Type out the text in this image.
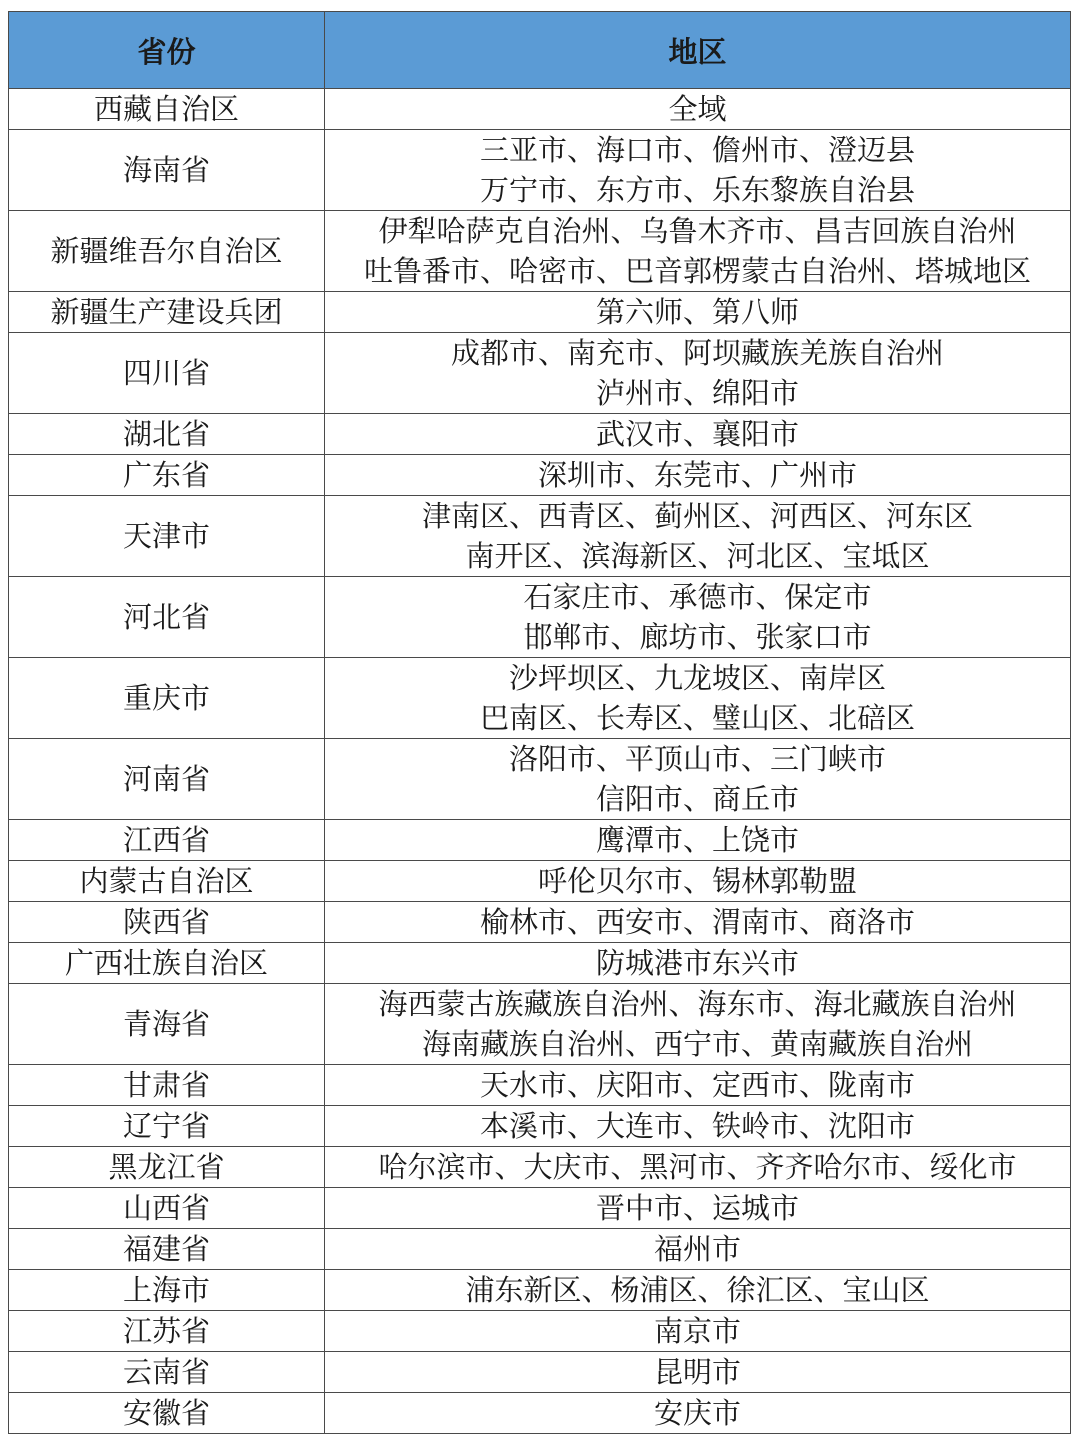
省份	地区
西藏自治区	全域

海南省	三亚市、海口市、儋州市、澄迈县
万宁市、东方市、乐东黎族自治县

新疆维吾尔自治区	伊犁哈萨克自治州、乌鲁木齐市、昌吉回族自治州
吐鲁番市、哈密市、巴音郭楞蒙古自治州、塔城地区

新疆生产建设兵团	第六师、第八师

四川省	成都市、南充市、阿坝藏族羌族自治州
泸州市、绵阳市

湖北省	武汉市、襄阳市

广东省	深圳市、东莞市、广州市

天津市	津南区、西青区、蓟州区、河西区、河东区
南开区、滨海新区、河北区、宝坻区

河北省	石家庄市、承德市、保定市
邯郸市、廊坊市、张家口市

重庆市	沙坪坝区、九龙坡区、南岸区
巴南区、长寿区、璧山区、北碚区

河南省	洛阳市、平顶山市、三门峡市
信阳市、商丘市

江西省	鹰潭市、上饶市

内蒙古自治区	呼伦贝尔市、锡林郭勒盟

陕西省	榆林市、西安市、渭南市、商洛市

广西壮族自治区	防城港市东兴市

青海省	海西蒙古族藏族自治州、海东市、海北藏族自治州
海南藏族自治州、西宁市、黄南藏族自治州

甘肃省	天水市、庆阳市、定西市、陇南市

辽宁省	本溪市、大连市、铁岭市、沈阳市

黑龙江省	哈尔滨市、大庆市、黑河市、齐齐哈尔市、绥化市

山西省	晋中市、运城市

福建省	福州市

上海市	浦东新区、杨浦区、徐汇区、宝山区

江苏省	南京市

云南省	昆明市

安徽省	安庆市
